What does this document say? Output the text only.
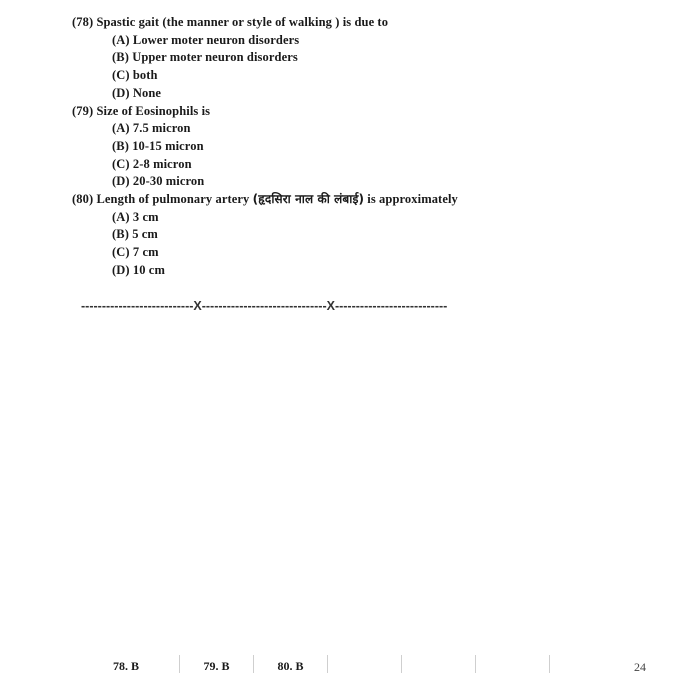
(78) Spastic gait (the manner or style of walking ) is due to
(A) Lower moter neuron disorders
(B) Upper moter neuron disorders
(C) both
(D) None
(79) Size of Eosinophils is
(A) 7.5 micron
(B) 10-15 micron
(C) 2-8 micron
(D) 20-30 micron
(80) Length of pulmonary artery (हृदसिरा नाल की लंबाई) is approximately
(A) 3 cm
(B) 5 cm
(C) 7 cm
(D) 10 cm
---------------------------X------------------------------X---------------------------
78. B	79. B	80. B	24
